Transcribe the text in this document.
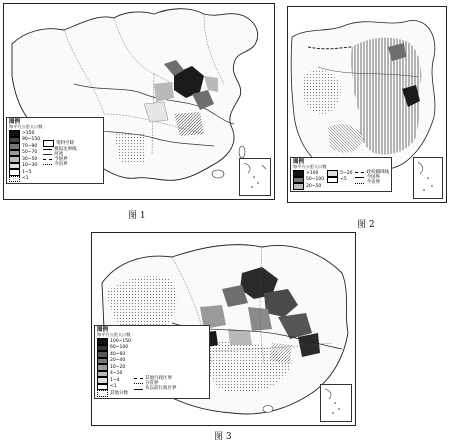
图例
每平方公里人口数
>150
90~150
70~90
50~70
30~50
10~30
1~5
<1
资料空缺
模拟边界线
河流
今国界
今省界
图 1
图例
每平方公里人口数
>100
50~100
20~50
5~20
<5
政权疆域线
今国界
今省界
图 2
图例
每平方公里人口数
100~150
60~100
40~60
20~40
10~20
4~10
1~4
<1
其他分数
其他行政区界
分省界
从以前行政区界
图 3
